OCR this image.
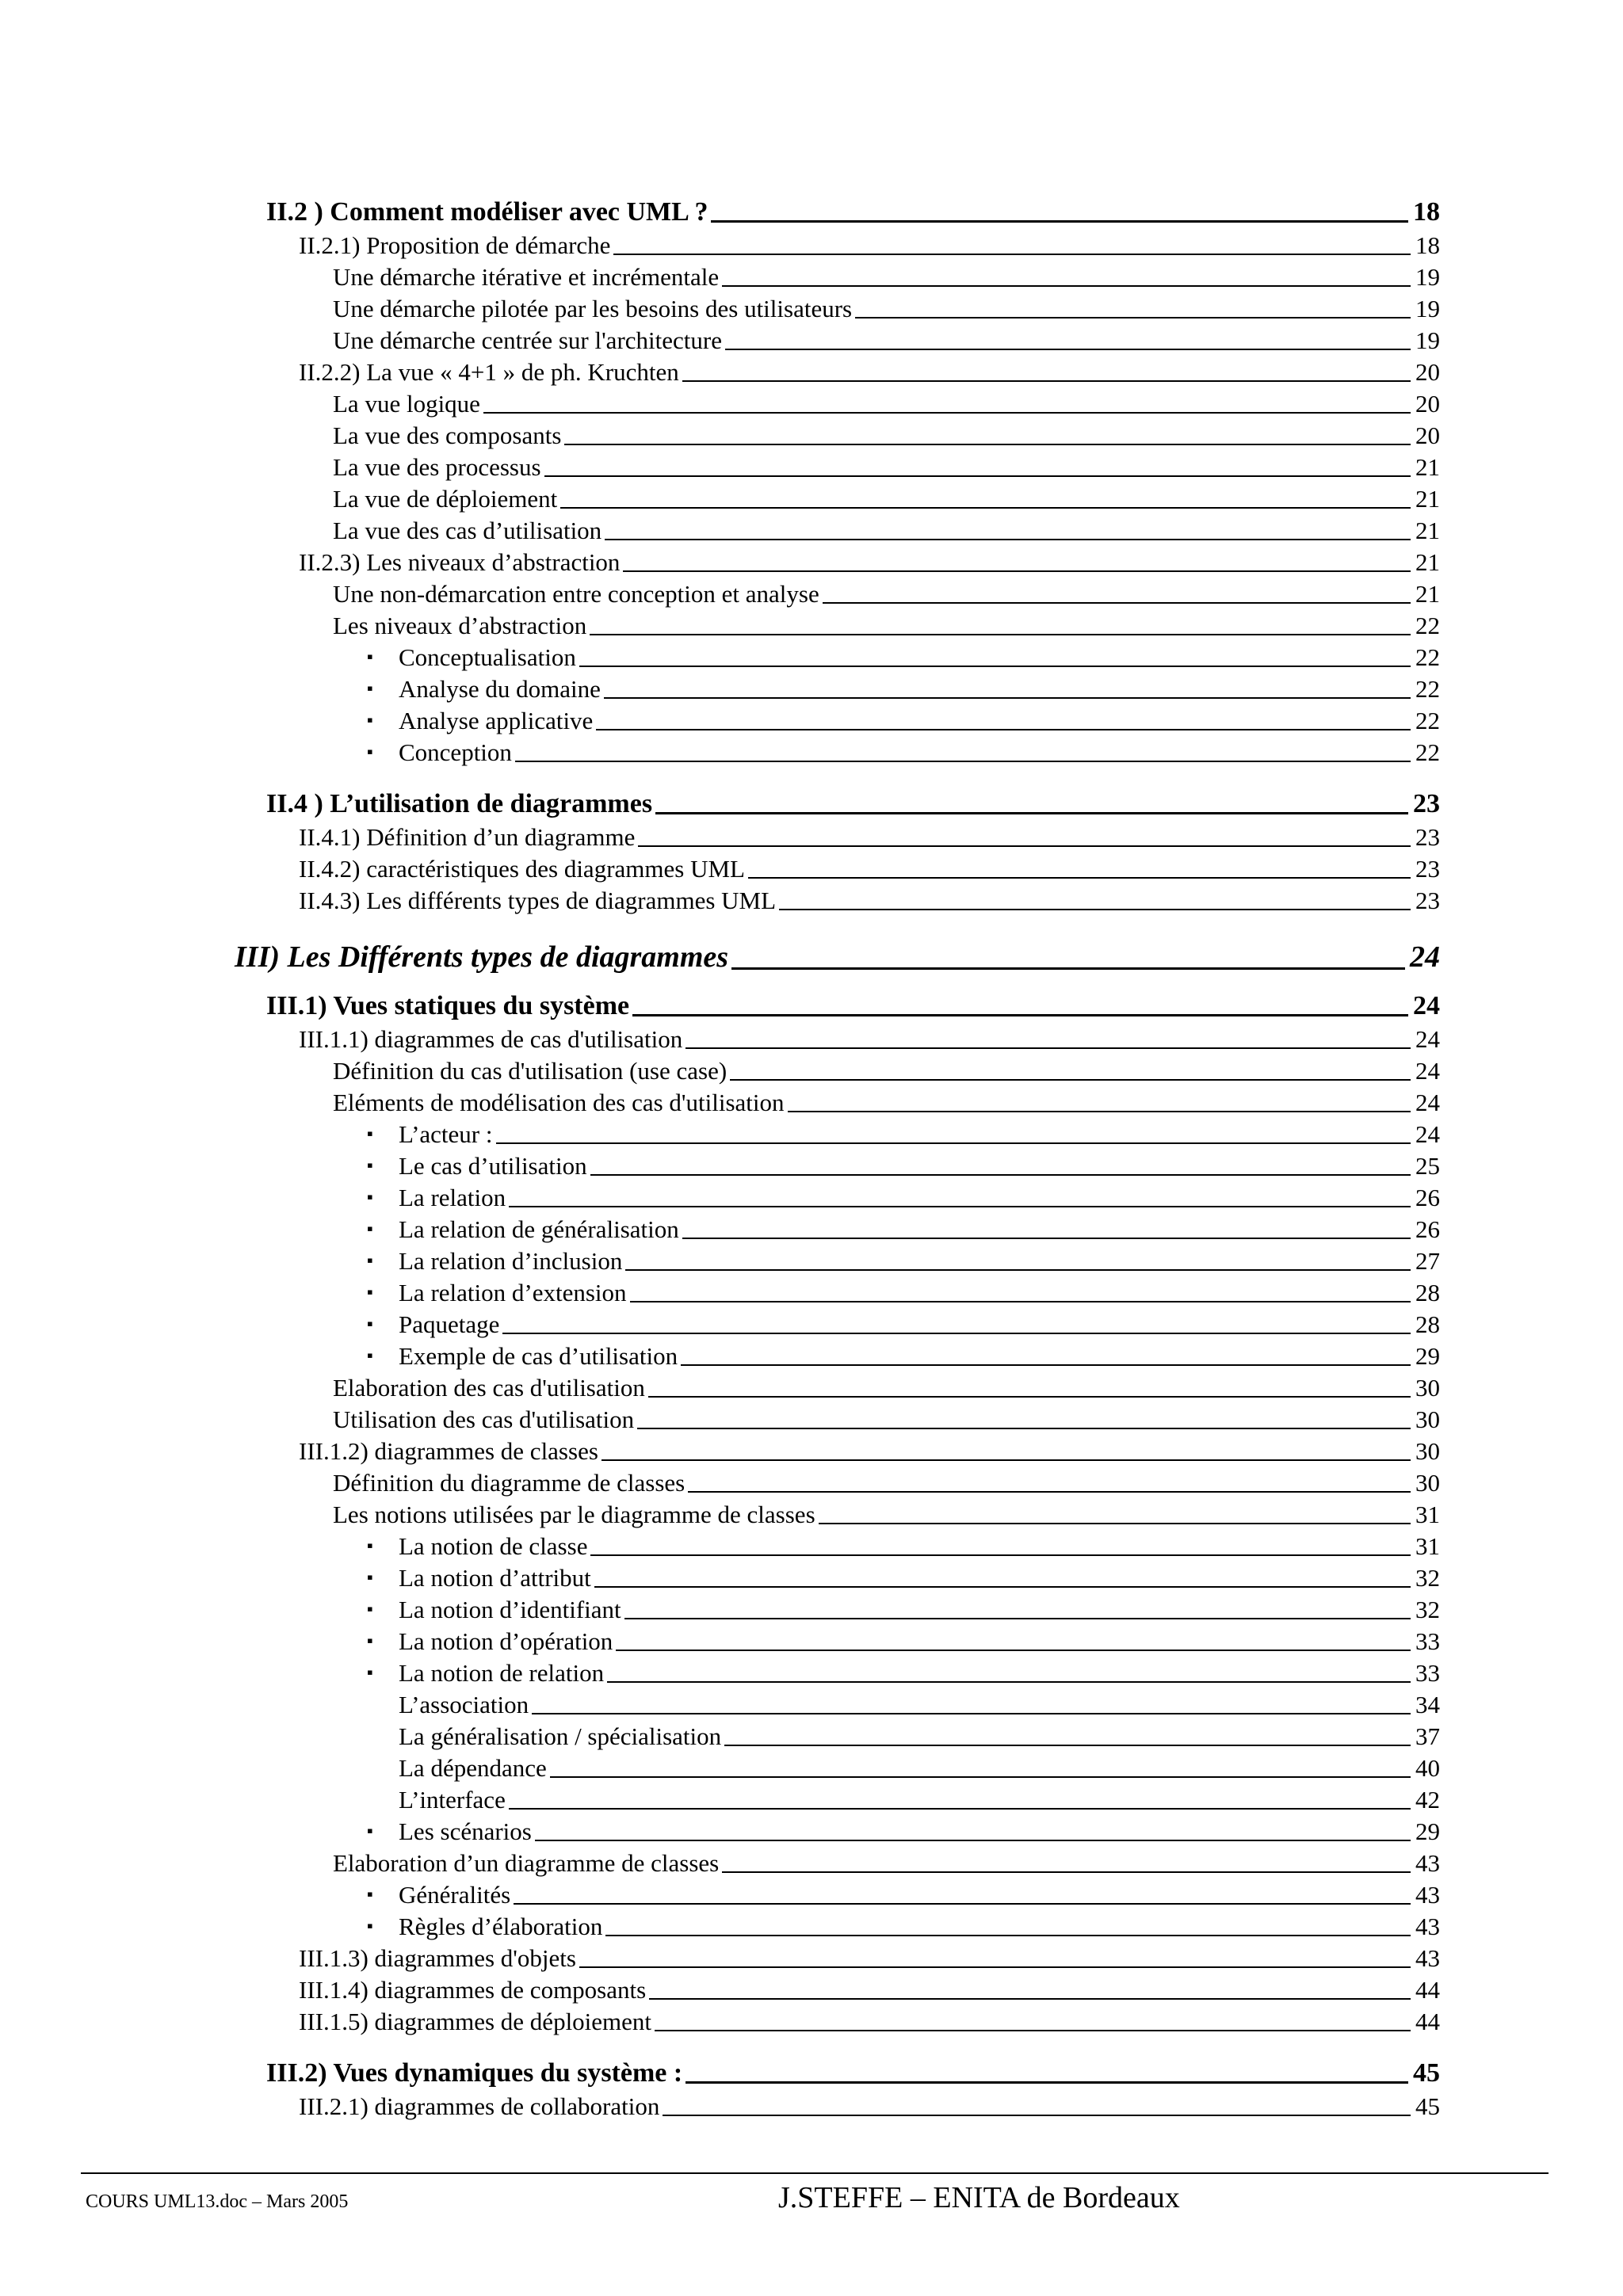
II.2 ) Comment modéliser avec UML ?	18
II.2.1) Proposition de démarche	18
Une démarche itérative et incrémentale	19
Une démarche pilotée par les besoins des utilisateurs	19
Une démarche centrée sur l'architecture	19
II.2.2) La vue « 4+1 » de ph. Kruchten	20
La vue logique	20
La vue des composants	20
La vue des processus	21
La vue de déploiement	21
La vue des cas d’utilisation	21
II.2.3) Les niveaux d’abstraction	21
Une non-démarcation entre conception et analyse	21
Les niveaux d’abstraction	22
▪ Conceptualisation	22
▪ Analyse du domaine	22
▪ Analyse applicative	22
▪ Conception	22
II.4 ) L’utilisation de diagrammes	23
II.4.1) Définition d’un diagramme	23
II.4.2) caractéristiques des diagrammes UML	23
II.4.3) Les différents types de diagrammes UML	23
III) Les Différents types de diagrammes	24
III.1) Vues statiques du système	24
III.1.1) diagrammes de cas d'utilisation	24
Définition du cas d'utilisation (use case)	24
Eléments de modélisation des cas d'utilisation	24
▪ L’acteur :	24
▪ Le cas d’utilisation	25
▪ La relation	26
▪ La relation de généralisation	26
▪ La relation d’inclusion	27
▪ La relation d’extension	28
▪ Paquetage	28
▪ Exemple de cas d’utilisation	29
Elaboration des cas d'utilisation	30
Utilisation des cas d'utilisation	30
III.1.2) diagrammes de classes	30
Définition du diagramme de classes	30
Les notions utilisées par le diagramme de classes	31
▪ La notion de classe	31
▪ La notion d’attribut	32
▪ La notion d’identifiant	32
▪ La notion d’opération	33
▪ La notion de relation	33
L’association	34
La généralisation / spécialisation	37
La dépendance	40
L’interface	42
▪ Les scénarios	29
Elaboration d’un diagramme de classes	43
▪ Généralités	43
▪ Règles d’élaboration	43
III.1.3) diagrammes d'objets	43
III.1.4) diagrammes de composants	44
III.1.5) diagrammes de déploiement	44
III.2) Vues dynamiques du système :	45
III.2.1) diagrammes de collaboration	45
COURS UML13.doc – Mars 2005	J.STEFFE – ENITA de Bordeaux
